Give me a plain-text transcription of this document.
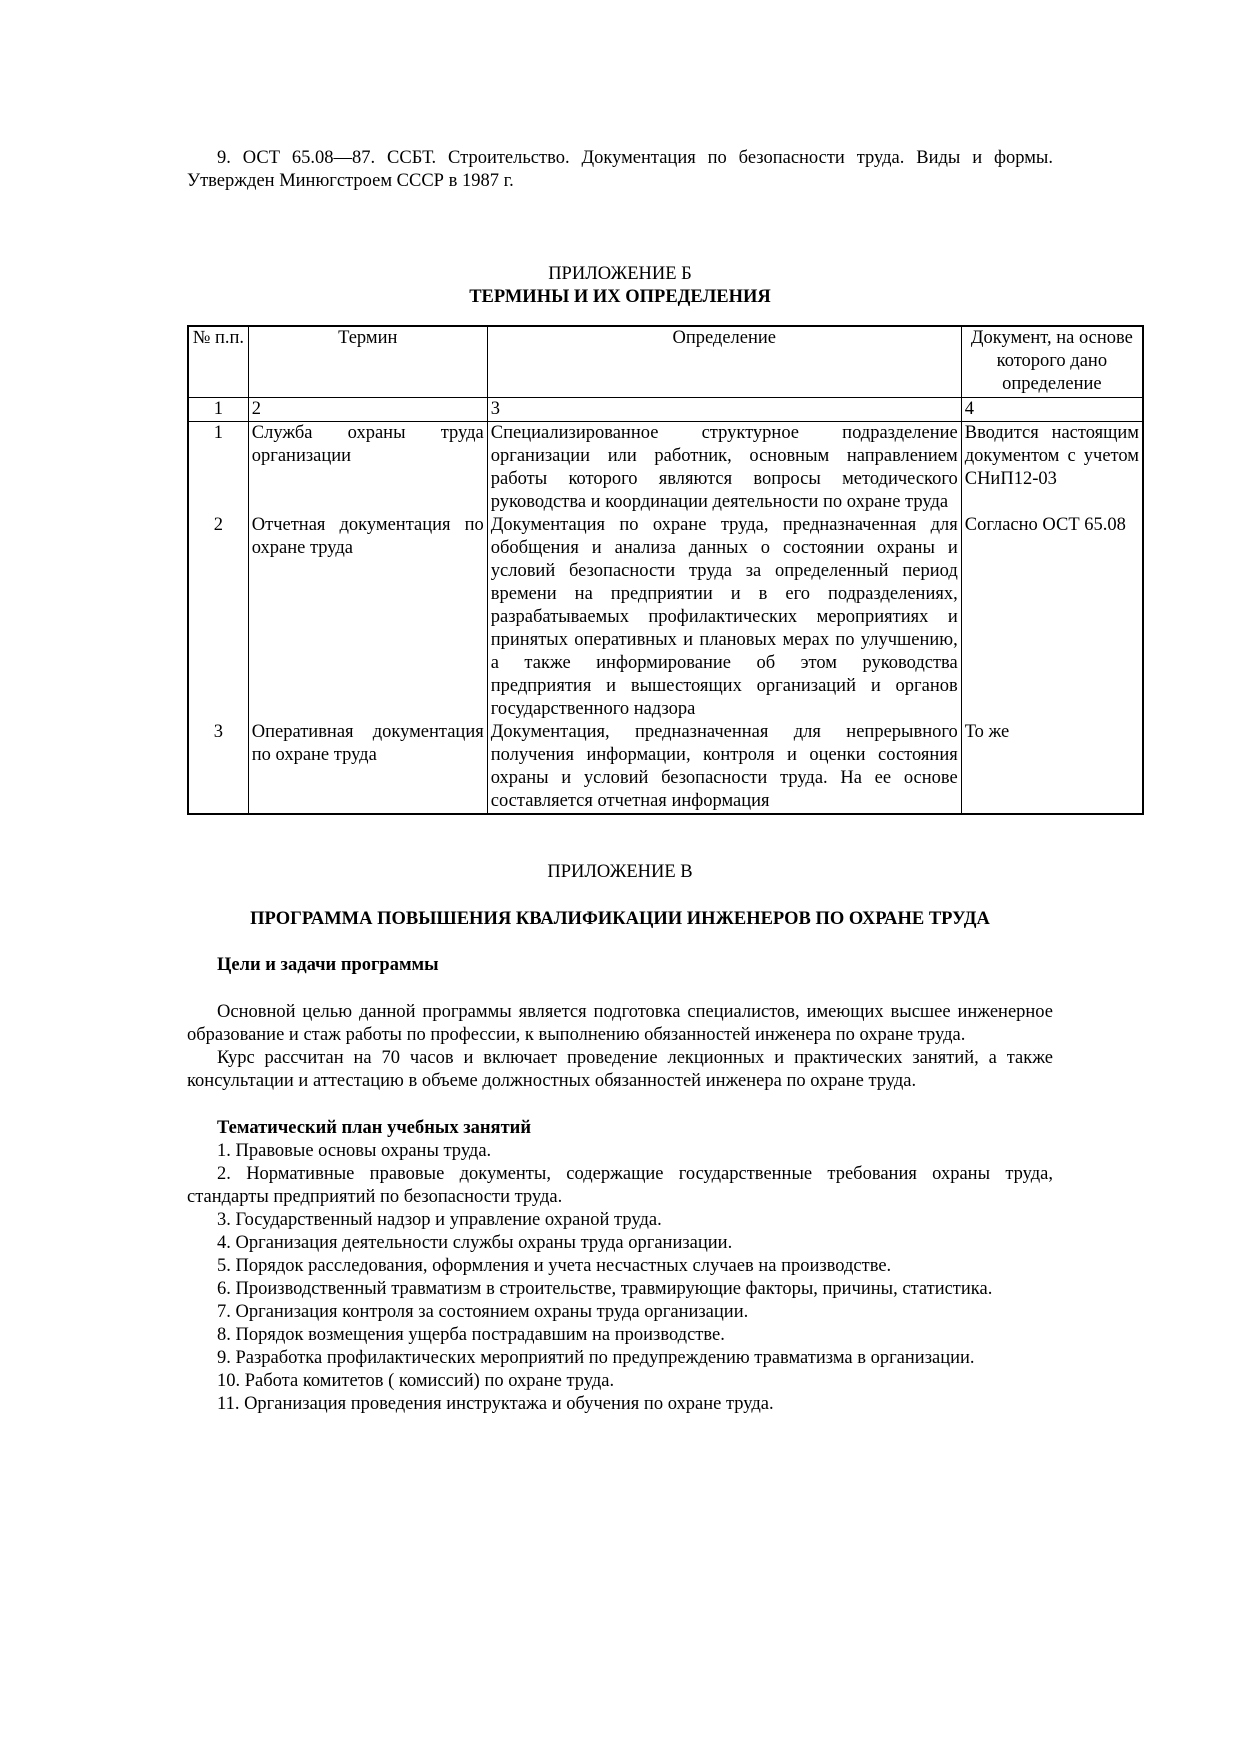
9. ОСТ 65.08—87. ССБТ. Строительство. Документация по безопасности труда. Виды и формы. Утвержден Минюгстроем СССР в 1987 г.

ПРИЛОЖЕНИЕ Б

ТЕРМИНЫ И ИХ ОПРЕДЕЛЕНИЯ

№ п.п.	Термин	Определение	Документ, на основе которого дано определение
1	2	3	4
1	Служба охраны труда организации	Специализированное структурное подразделение организации или работник, основным направлением работы которого являются вопросы методического руководства и координации деятельности по охране труда	Вводится настоящим документом с учетом СНиП12-03
2	Отчетная документация по охране труда	Документация по охране труда, предназначенная для обобщения и анализа данных о состоянии охраны и условий безопасности труда за определенный период времени на предприятии и в его подразделениях, разрабатываемых профилактических мероприятиях и принятых оперативных и плановых мерах по улучшению, а также информирование об этом руководства предприятия и вышестоящих организаций и органов государственного надзора	Согласно ОСТ 65.08
3	Оперативная документация по охране труда	Документация, предназначенная для непрерывного получения информации, контроля и оценки состояния охраны и условий безопасности труда. На ее основе составляется отчетная информация	То же

ПРИЛОЖЕНИЕ В

ПРОГРАММА ПОВЫШЕНИЯ КВАЛИФИКАЦИИ ИНЖЕНЕРОВ ПО ОХРАНЕ ТРУДА

Цели и задачи программы

Основной целью данной программы является подготовка специалистов, имеющих высшее инженерное образование и стаж работы по профессии, к выполнению обязанностей инженера по охране труда.

Курс рассчитан на 70 часов и включает проведение лекционных и практических занятий, а также консультации и аттестацию в объеме должностных обязанностей инженера по охране труда.

Тематический план учебных занятий

1. Правовые основы охраны труда.

2. Нормативные правовые документы, содержащие государственные требования охраны труда, стандарты предприятий по безопасности труда.

3. Государственный надзор и управление охраной труда.

4. Организация деятельности службы охраны труда организации.

5. Порядок расследования, оформления и учета несчастных случаев на производстве.

6. Производственный травматизм в строительстве, травмирующие факторы, причины, статистика.

7. Организация контроля за состоянием охраны труда организации.

8. Порядок возмещения ущерба пострадавшим на производстве.

9. Разработка профилактических мероприятий по предупреждению травматизма в организации.

10. Работа комитетов ( комиссий) по охране труда.

11. Организация проведения инструктажа и обучения по охране труда.
